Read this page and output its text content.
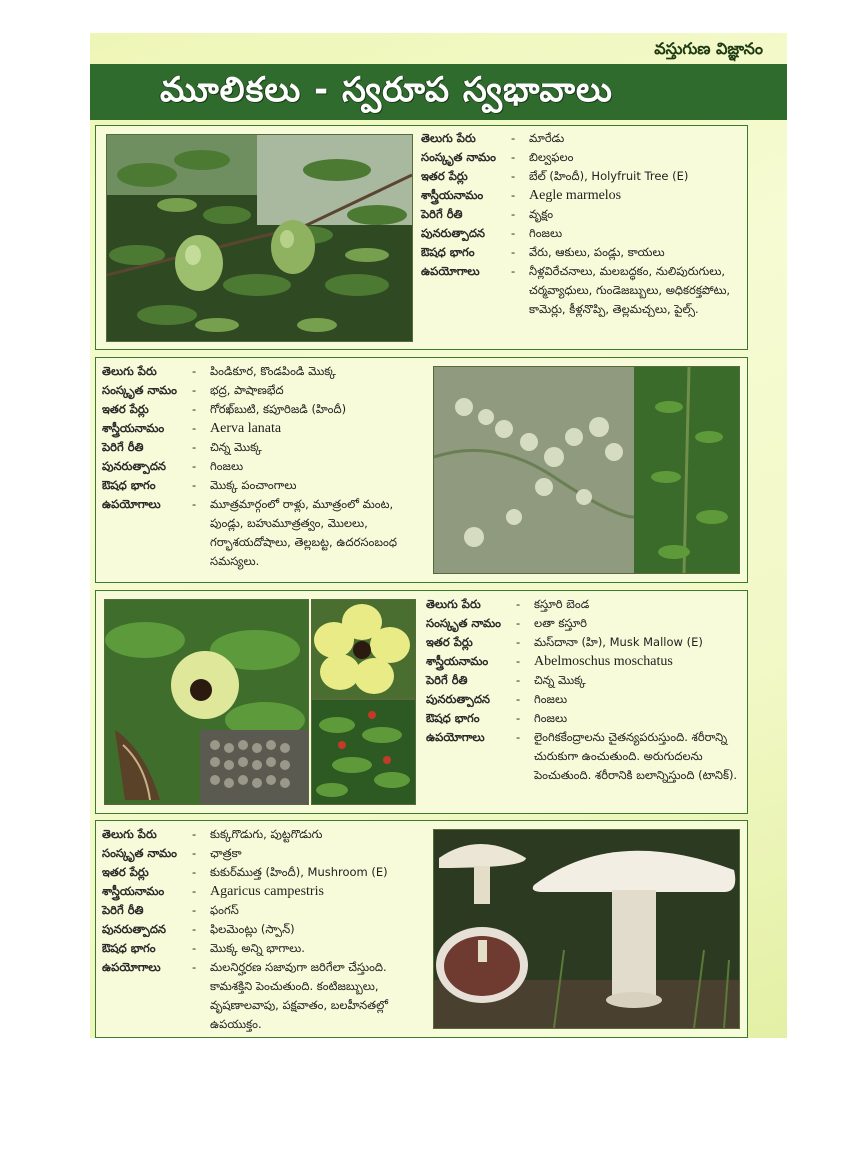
వస్తుగుణ విజ్ఞానం
మూలికలు - స్వరూప స్వభావాలు
తెలుగు పేరు	-	మారేడు
సంస్కృత నామం	-	బిల్వఫలం
ఇతర పేర్లు	-	బేల్ (హిందీ), Holyfruit Tree (E)
శాస్త్రీయనామం	- Aegle marmelos
పెరిగే రీతి	-	వృక్షం
పునరుత్పాదన	-	గింజలు
ఔషధ భాగం	-	వేరు, ఆకులు, పండ్లు, కాయలు
ఉపయోగాలు	-	నీళ్లవిరేచనాలు, మలబద్ధకం, నులిపురుగులు, చర్మవ్యాధులు, గుండెజబ్బులు, అధికరక్తపోటు, కామెర్లు, కీళ్లనొప్పి, తెల్లమచ్చలు, పైల్స్.
తెలుగు పేరు	-	పిండికూర, కొండపిండి మొక్క
సంస్కృత నామం	-	భద్ర, పాషాణభేద
ఇతర పేర్లు	-	గోరఖ్‌బుటి, కపూరిజడి (హిందీ)
శాస్త్రీయనామం	- Aerva lanata
పెరిగే రీతి	-	చిన్న మొక్క
పునరుత్పాదన	-	గింజలు
ఔషధ భాగం	-	మొక్క పంచాంగాలు
ఉపయోగాలు	-	మూత్రమార్గంలో రాళ్లు, మూత్రంలో మంట, పుండ్లు, బహుమూత్రత్వం, మొలలు, గర్భాశయదోషాలు, తెల్లబట్ట, ఉదరసంబంధ సమస్యలు.
తెలుగు పేరు	-	కస్తూరి బెండ
సంస్కృత నామం	-	లతా కస్తూరి
ఇతర పేర్లు	-	మస్‌దానా (హి), Musk Mallow (E)
శాస్త్రీయనామం	- Abelmoschus moschatus
పెరిగే రీతి	-	చిన్న మొక్క
పునరుత్పాదన	-	గింజలు
ఔషధ భాగం	-	గింజలు
ఉపయోగాలు	-	లైంగికకేంద్రాలను చైతన్యపరుస్తుంది. శరీరాన్ని చురుకుగా ఉంచుతుంది. అరుగుదలను పెంచుతుంది. శరీరానికి బలాన్నిస్తుంది (టానిక్).
తెలుగు పేరు	-	కుక్కగొడుగు, పుట్టగొడుగు
సంస్కృత నామం	-	ఛాత్రకా
ఇతర పేర్లు	-	కుకుర్‌ముత్త (హిందీ), Mushroom (E)
శాస్త్రీయనామం	- Agaricus campestris
పెరిగే రీతి	-	ఫంగస్
పునరుత్పాదన	-	ఫిలమెంట్లు (స్పాన్)
ఔషధ భాగం	-	మొక్క అన్ని భాగాలు.
ఉపయోగాలు	-	మలనిర్హరణ సజావుగా జరిగేలా చేస్తుంది. కామశక్తిని పెంచుతుంది. కంటిజబ్బులు, వృషణాలవాపు, పక్షవాతం, బలహీనతల్లో ఉపయుక్తం.
